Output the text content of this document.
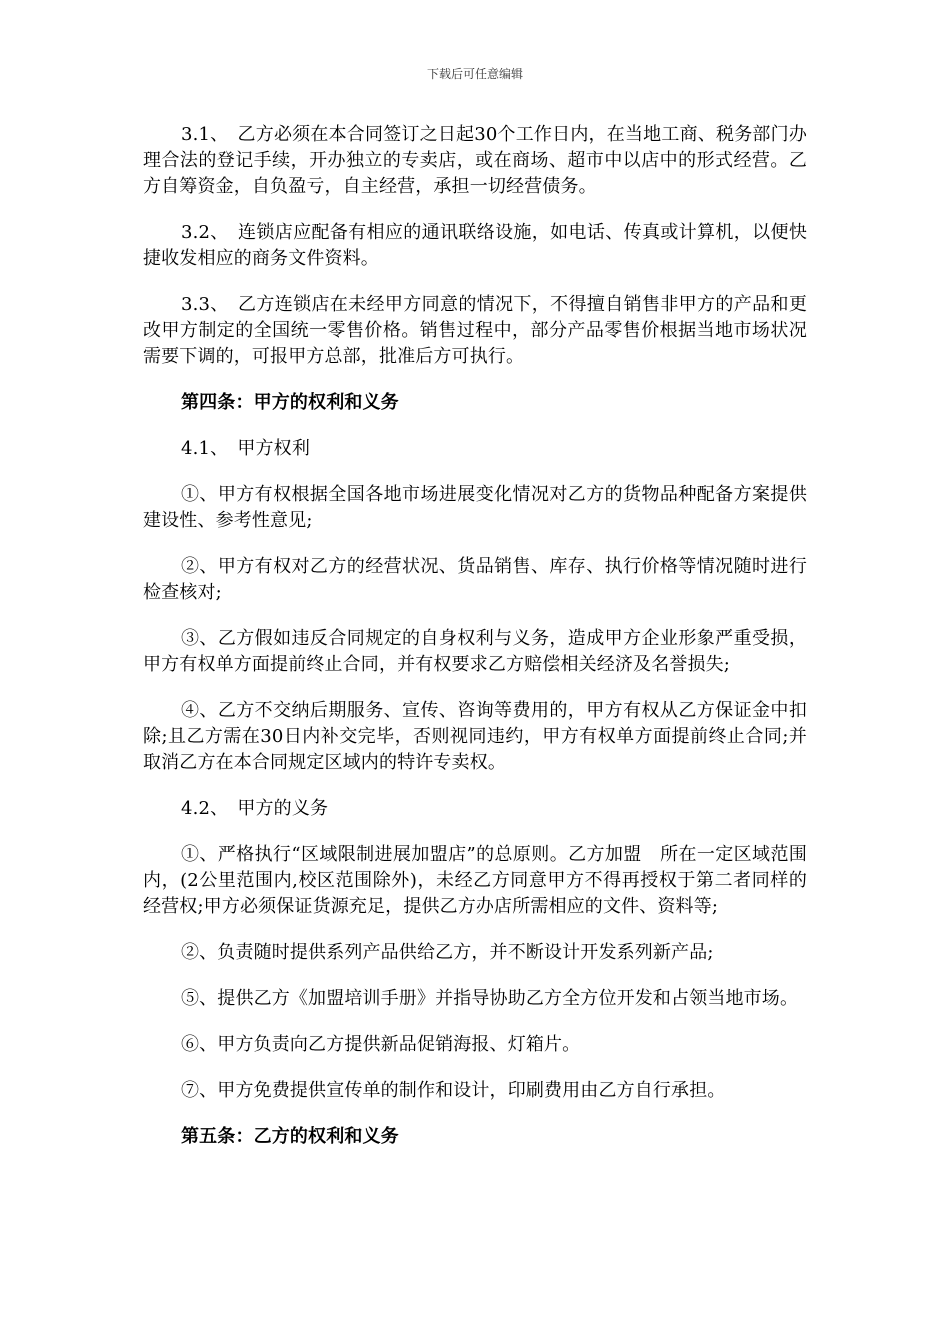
下载后可任意编辑

3.1、　乙方必须在本合同签订之日起30个工作日内，在当地工商、税务部门办理合法的登记手续，开办独立的专卖店，或在商场、超市中以店中的形式经营。乙方自筹资金，自负盈亏，自主经营，承担一切经营债务。

3.2、　连锁店应配备有相应的通讯联络设施，如电话、传真或计算机，以便快捷收发相应的商务文件资料。

3.3、　乙方连锁店在未经甲方同意的情况下，不得擅自销售非甲方的产品和更改甲方制定的全国统一零售价格。销售过程中，部分产品零售价根据当地市场状况需要下调的，可报甲方总部，批准后方可执行。

第四条：甲方的权利和义务

4.1、　甲方权利

①、甲方有权根据全国各地市场进展变化情况对乙方的货物品种配备方案提供建设性、参考性意见;

②、甲方有权对乙方的经营状况、货品销售、库存、执行价格等情况随时进行检查核对;

③、乙方假如违反合同规定的自身权利与义务，造成甲方企业形象严重受损，甲方有权单方面提前终止合同，并有权要求乙方赔偿相关经济及名誉损失;

④、乙方不交纳后期服务、宣传、咨询等费用的，甲方有权从乙方保证金中扣除;且乙方需在30日内补交完毕，否则视同违约，甲方有权单方面提前终止合同;并取消乙方在本合同规定区域内的特许专卖权。

4.2、　甲方的义务

①、严格执行“区域限制进展加盟店”的总原则。乙方加盟　所在一定区域范围内，(2公里范围内,校区范围除外)，未经乙方同意甲方不得再授权于第二者同样的经营权;甲方必须保证货源充足，提供乙方办店所需相应的文件、资料等;

②、负责随时提供系列产品供给乙方，并不断设计开发系列新产品;

⑤、提供乙方《加盟培训手册》并指导协助乙方全方位开发和占领当地市场。

⑥、甲方负责向乙方提供新品促销海报、灯箱片。

⑦、甲方免费提供宣传单的制作和设计，印刷费用由乙方自行承担。

第五条：乙方的权利和义务
